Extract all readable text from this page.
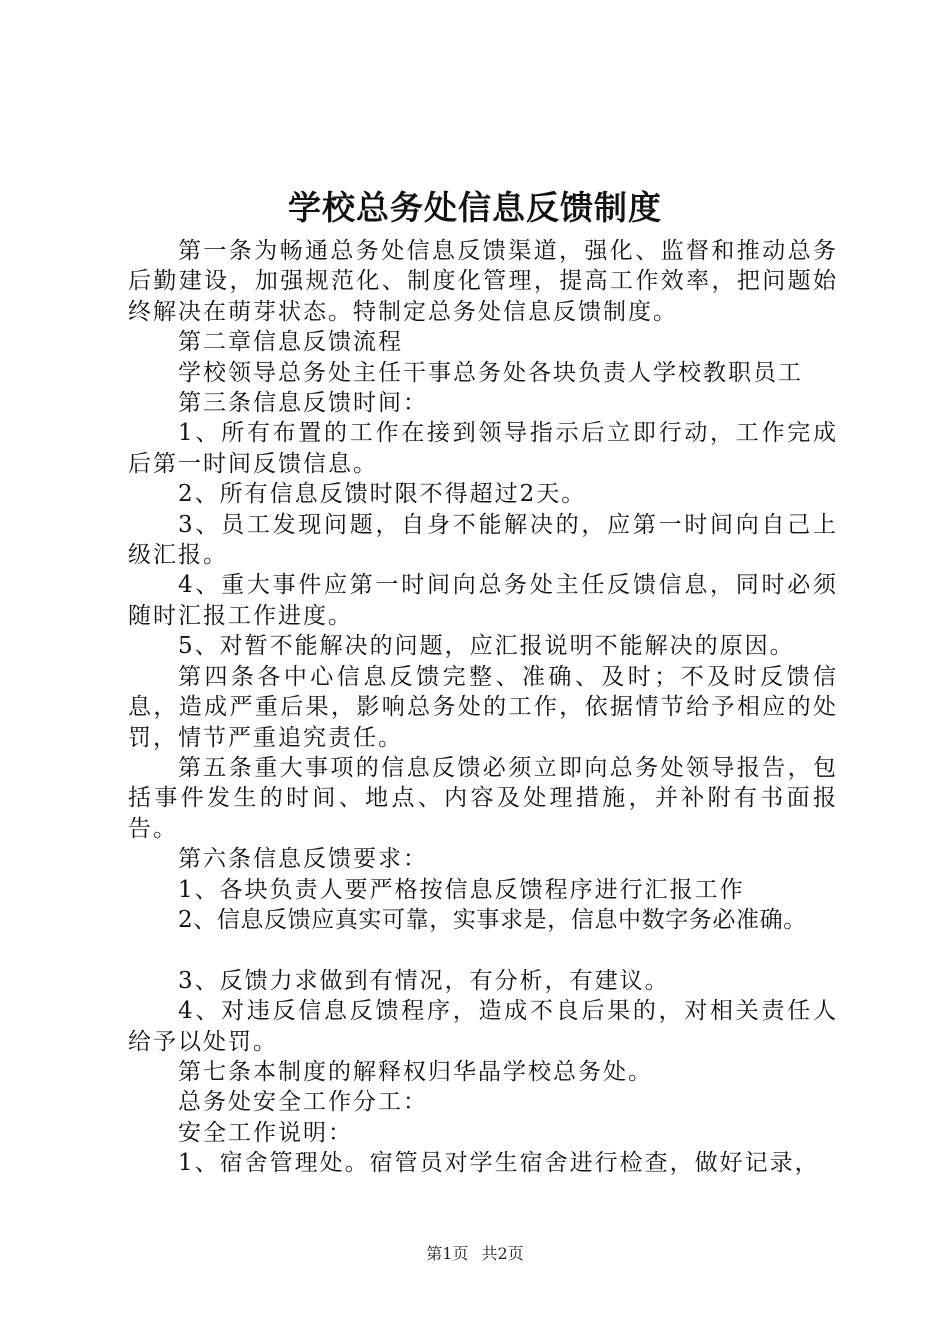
学校总务处信息反馈制度

第一条为畅通总务处信息反馈渠道，强化、监督和推动总务后勤建设，加强规范化、制度化管理，提高工作效率，把问题始终解决在萌芽状态。特制定总务处信息反馈制度。

第二章信息反馈流程

学校领导总务处主任干事总务处各块负责人学校教职员工

第三条信息反馈时间：

1、所有布置的工作在接到领导指示后立即行动，工作完成后第一时间反馈信息。

2、所有信息反馈时限不得超过2天。

3、员工发现问题，自身不能解决的，应第一时间向自己上级汇报。

4、重大事件应第一时间向总务处主任反馈信息，同时必须随时汇报工作进度。

5、对暂不能解决的问题，应汇报说明不能解决的原因。

第四条各中心信息反馈完整、准确、及时；不及时反馈信息，造成严重后果，影响总务处的工作，依据情节给予相应的处罚，情节严重追究责任。

第五条重大事项的信息反馈必须立即向总务处领导报告，包括事件发生的时间、地点、内容及处理措施，并补附有书面报告。

第六条信息反馈要求：

1、各块负责人要严格按信息反馈程序进行汇报工作

2、信息反馈应真实可靠，实事求是，信息中数字务必准确。

3、反馈力求做到有情况，有分析，有建议。

4、对违反信息反馈程序，造成不良后果的，对相关责任人给予以处罚。

第七条本制度的解释权归华晶学校总务处。

总务处安全工作分工：

安全工作说明：

1、宿舍管理处。宿管员对学生宿舍进行检查，做好记录，

第1页 共2页
